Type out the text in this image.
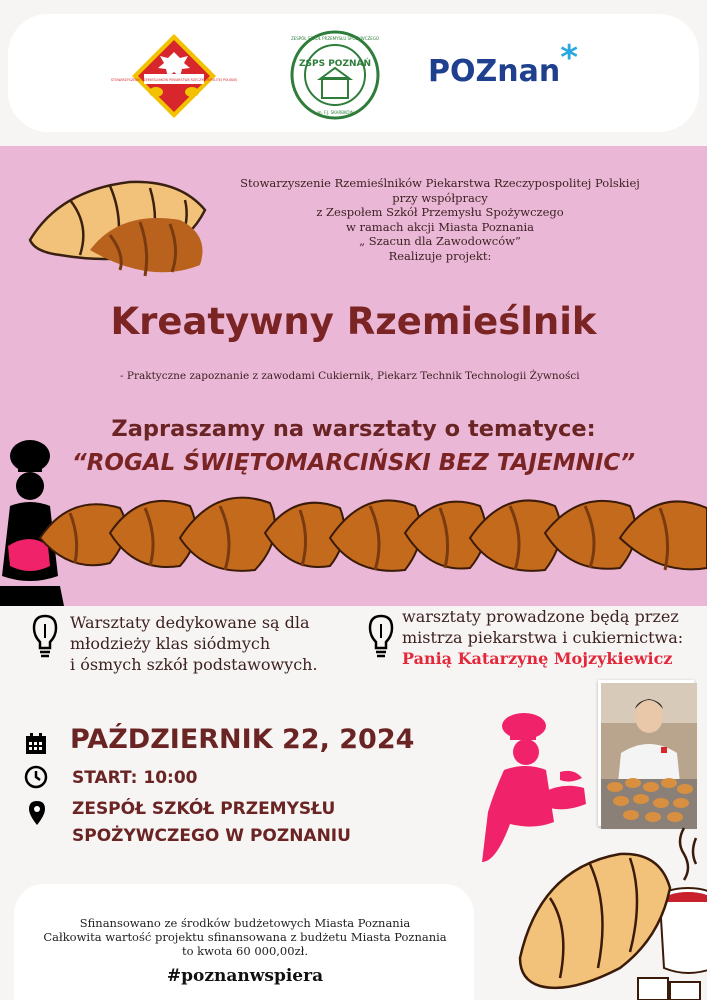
STOWARZYSZENIE RZEMIEŚLNIKÓW PIEKARSTWA RZECZYPOSPOLITEJ POLSKIEJ
ZSPS POZNAŃ
ZESPÓŁ SZKÓŁ PRZEMYSŁU SPOŻYWCZEGO
im. F.J. SKARBKÓW
POZnan*
Stowarzyszenie Rzemieślników Piekarstwa Rzeczypospolitej Polskiej
przy współpracy
z Zespołem Szkół Przemysłu Spożywczego
w ramach akcji Miasta Poznania
„ Szacun dla Zawodowców”
Realizuje projekt:
Kreatywny Rzemieślnik
- Praktyczne zapoznanie z zawodami Cukiernik, Piekarz Technik Technologii Żywności
Zapraszamy na warsztaty o tematyce:
“ROGAL ŚWIĘTOMARCIŃSKI BEZ TAJEMNIC”
Warsztaty dedykowane są dla
młodzieży klas siódmych
i ósmych szkół podstawowych.
warsztaty prowadzone będą przez
mistrza piekarstwa i cukiernictwa:
Panią Katarzynę Mojzykiewicz
PAŹDZIERNIK 22, 2024
START: 10:00
ZESPÓŁ SZKÓŁ PRZEMYSŁU
SPOŻYWCZEGO W POZNANIU
Sfinansowano ze środków budżetowych Miasta Poznania
Całkowita wartość projektu sfinansowana z budżetu Miasta Poznania
to kwota 60 000,00zł.
#poznanwspiera
